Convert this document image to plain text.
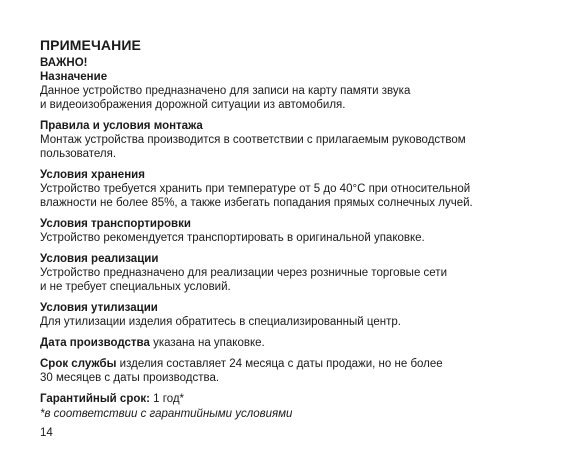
ПРИМЕЧАНИЕ
ВАЖНО!
Назначение
Данное устройство предназначено для записи на карту памяти звука
и видеоизображения дорожной ситуации из автомобиля.
Правила и условия монтажа
Монтаж устройства производится в соответствии с прилагаемым руководством
пользователя.
Условия хранения
Устройство требуется хранить при температуре от 5 до 40°С при относительной
влажности не более 85%, а также избегать попадания прямых солнечных лучей.
Условия транспортировки
Устройство рекомендуется транспортировать в оригинальной упаковке.
Условия реализации
Устройство предназначено для реализации через розничные торговые сети
и не требует специальных условий.
Условия утилизации
Для утилизации изделия обратитесь в специализированный центр.
Дата производства указана на упаковке.
Срок службы изделия составляет 24 месяца с даты продажи, но не более
30 месяцев с даты производства.
Гарантийный срок: 1 год*
*в соответствии с гарантийными условиями
14
